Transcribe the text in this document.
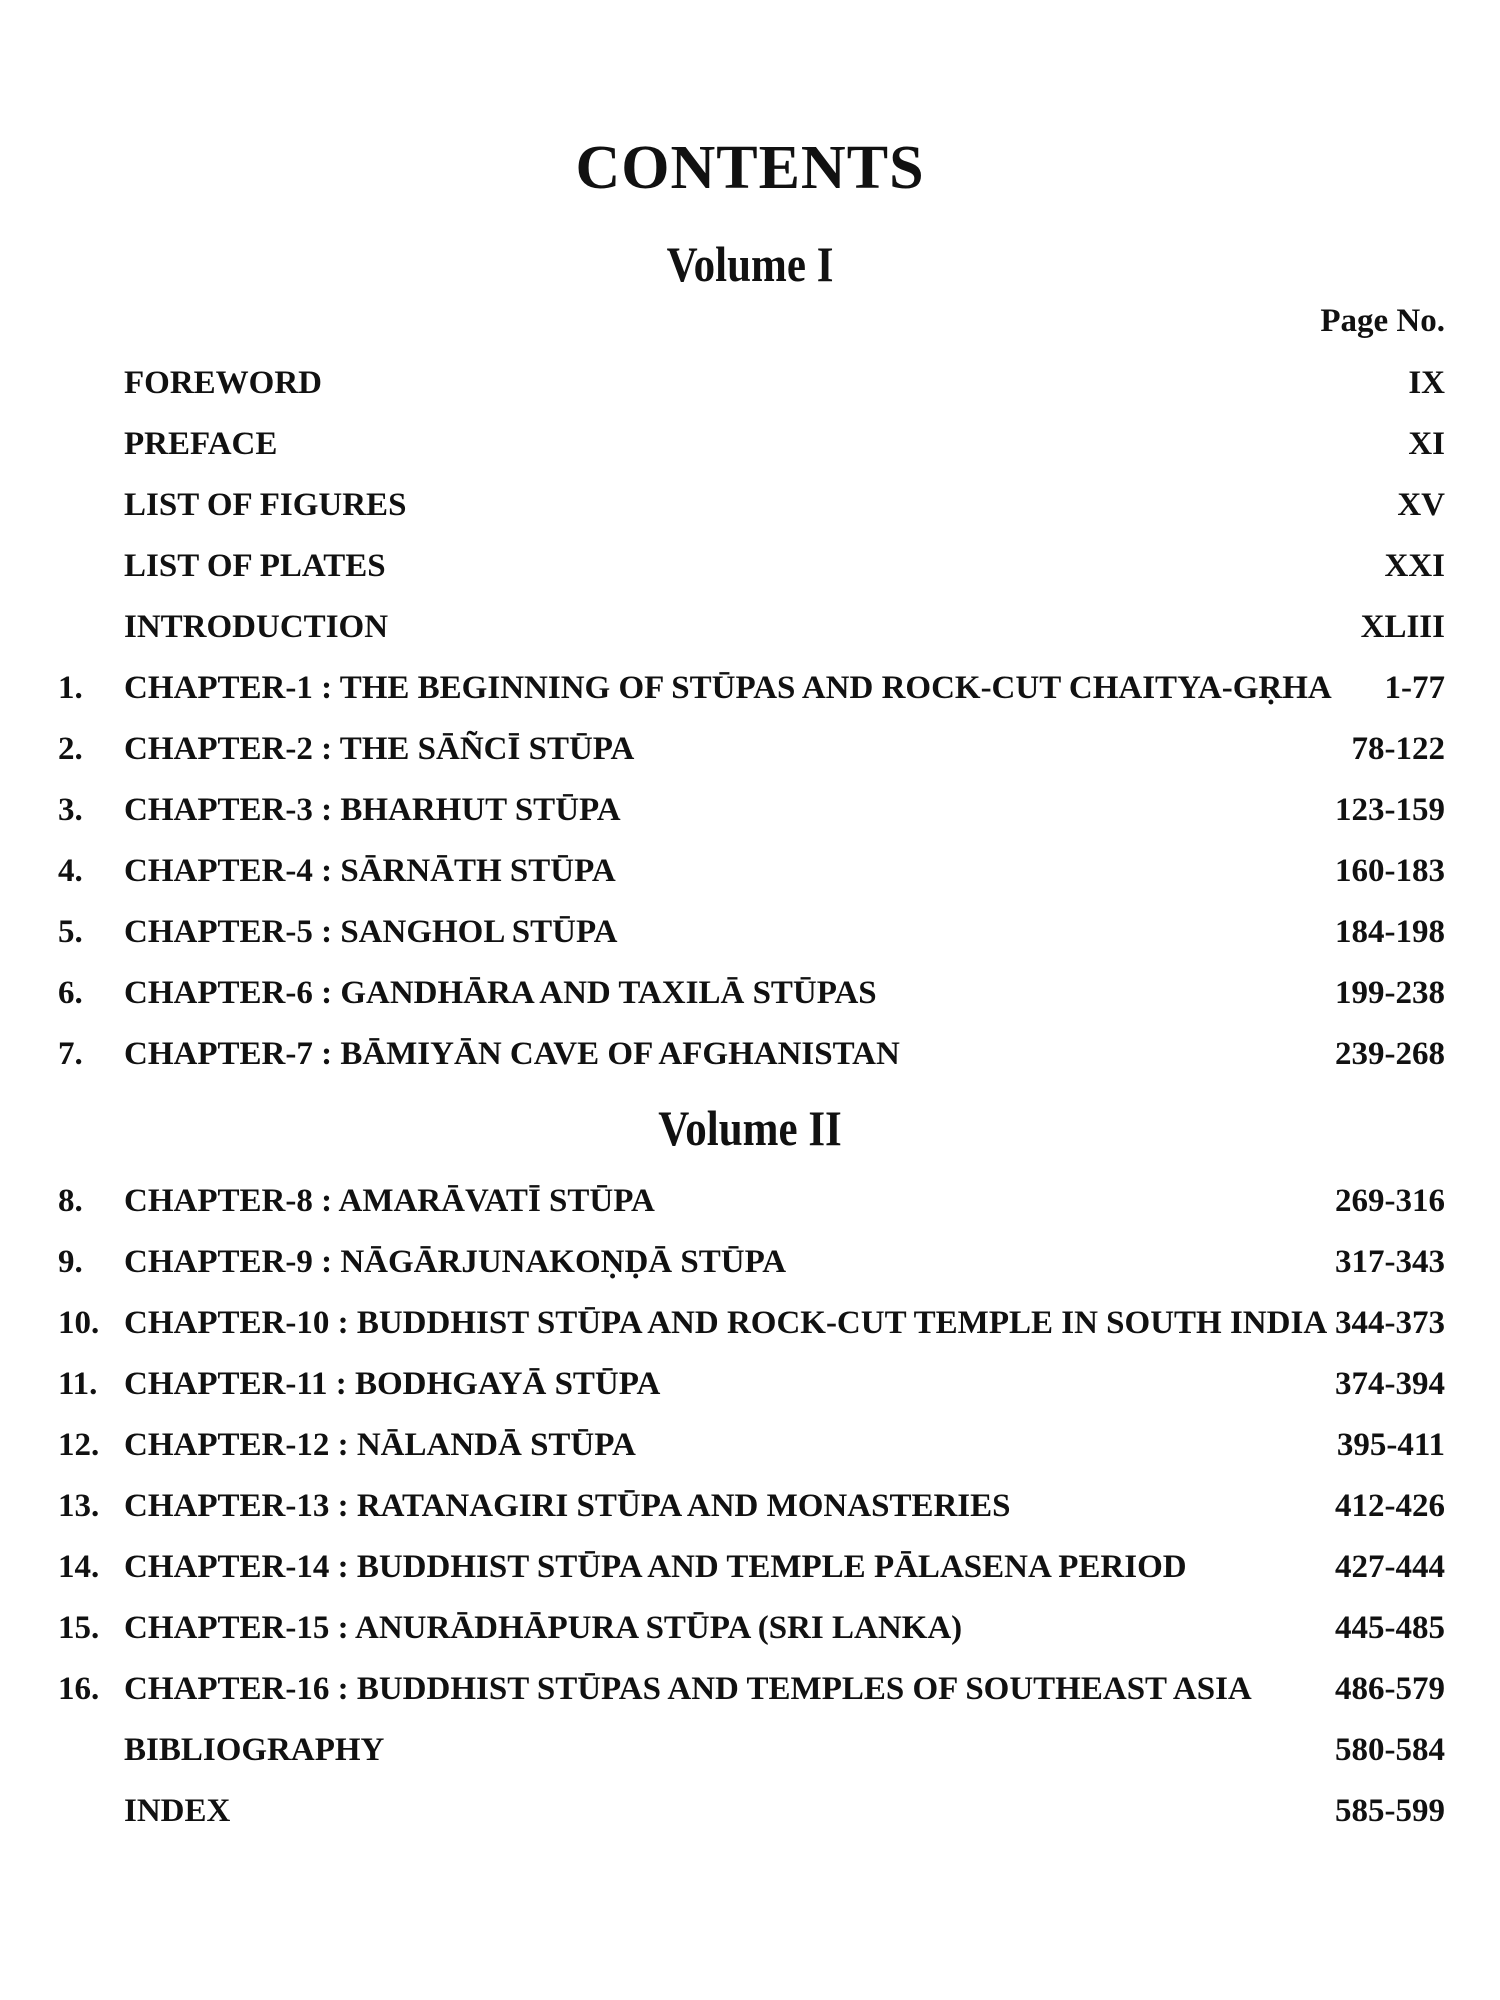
CONTENTS
Volume I
Page No.
FOREWORD	IX
PREFACE	XI
LIST OF FIGURES	XV
LIST OF PLATES	XXI
INTRODUCTION	XLIII
1. CHAPTER-1 : THE BEGINNING OF STŪPAS AND ROCK-CUT CHAITYA-GṚHA 1-77
2. CHAPTER-2 : THE SĀÑCĪ STŪPA	78-122
3. CHAPTER-3 : BHARHUT STŪPA	123-159
4. CHAPTER-4 : SĀRNĀTH STŪPA	160-183
5. CHAPTER-5 : SANGHOL STŪPA	184-198
6. CHAPTER-6 : GANDHĀRA AND TAXILĀ STŪPAS	199-238
7. CHAPTER-7 : BĀMIYĀN CAVE OF AFGHANISTAN	239-268
Volume II
8. CHAPTER-8 : AMARĀVATĪ STŪPA	269-316
9. CHAPTER-9 : NĀGĀRJUNAKOṆḌĀ STŪPA	317-343
10. CHAPTER-10 : BUDDHIST STŪPA AND ROCK-CUT TEMPLE IN SOUTH INDIA 344-373
11. CHAPTER-11 : BODHGAYĀ STŪPA	374-394
12. CHAPTER-12 : NĀLANDĀ STŪPA	395-411
13. CHAPTER-13 : RATANAGIRI STŪPA AND MONASTERIES	412-426
14. CHAPTER-14 : BUDDHIST STŪPA AND TEMPLE PĀLASENA PERIOD	427-444
15. CHAPTER-15 : ANURĀDHĀPURA STŪPA (SRI LANKA)	445-485
16. CHAPTER-16 : BUDDHIST STŪPAS AND TEMPLES OF SOUTHEAST ASIA	486-579
BIBLIOGRAPHY	580-584
INDEX	585-599
